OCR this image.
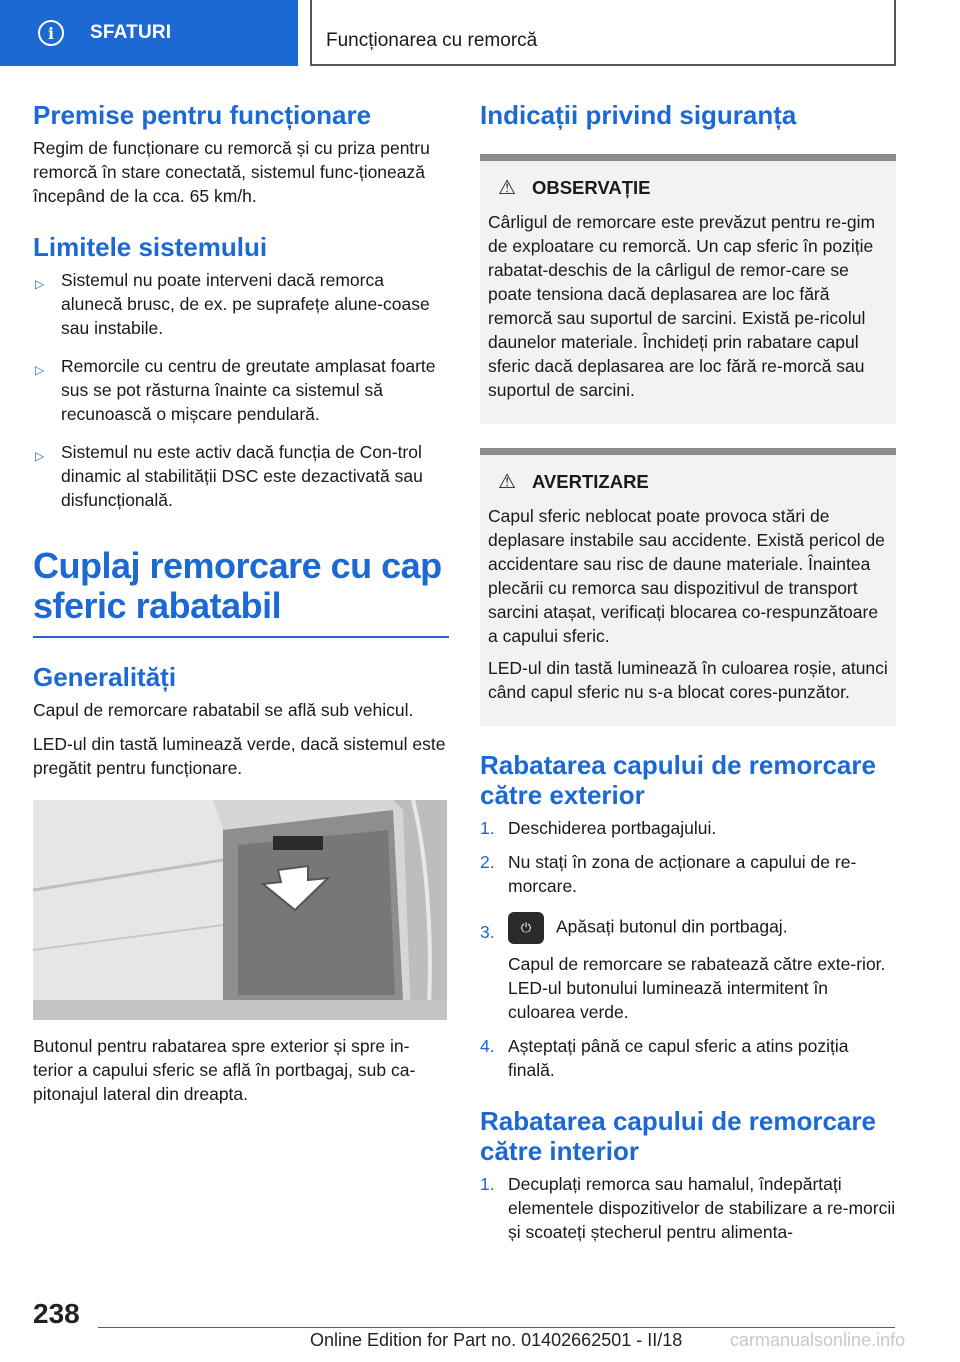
i	SFATURI	Funcționarea cu remorcă
Premise pentru funcționare

Regim de funcționare cu remorcă și cu priza pentru remorcă în stare conectată, sistemul func-ționează începând de la cca. 65 km/h.

Limitele sistemului
▷ Sistemul nu poate interveni dacă remorca alunecă brusc, de ex. pe suprafețe alune-coase sau instabile.
▷ Remorcile cu centru de greutate amplasat foarte sus se pot răsturna înainte ca sistemul să recunoască o mișcare pendulară.
▷ Sistemul nu este activ dacă funcția de Con-trol dinamic al stabilității DSC este dezactivată sau disfuncțională.
Cuplaj remorcare cu cap sferic rabatabil
Generalități

Capul de remorcare rabatabil se află sub vehicul.

LED-ul din tastă luminează verde, dacă sistemul este pregătit pentru funcționare.

Butonul pentru rabatarea spre exterior și spre in-terior a capului sferic se află în portbagaj, sub ca-pitonajul lateral din dreapta.

Indicații privind siguranța
⚠ OBSERVAȚIE

Cârligul de remorcare este prevăzut pentru re-gim de exploatare cu remorcă. Un cap sferic în poziție rabatat-deschis de la cârligul de remor-care se poate tensiona dacă deplasarea are loc fără remorcă sau suportul de sarcini. Există pe-ricolul daunelor materiale. Închideți prin rabatare capul sferic dacă deplasarea are loc fără re-morcă sau suportul de sarcini.

⚠ AVERTIZARE

Capul sferic neblocat poate provoca stări de deplasare instabile sau accidente. Există pericol de accidentare sau risc de daune materiale. Înaintea plecării cu remorca sau dispozitivul de transport sarcini atașat, verificați blocarea co-respunzătoare a capului sferic.

LED-ul din tastă luminează în culoarea roșie, atunci când capul sferic nu s-a blocat cores-punzător.

Rabatarea capului de remorcare către exterior
1. Deschiderea portbagajului.
2. Nu stați în zona de acționare a capului de re-morcare.
3.	⏻ Apăsați butonul din portbagaj.

Capul de remorcare se rabatează către exte-rior. LED-ul butonului luminează intermitent în culoarea verde.

4. Așteptați până ce capul sferic a atins poziția finală.
Rabatarea capului de remorcare către interior
1. Decuplați remorca sau hamalul, îndepărtați elementele dispozitivelor de stabilizare a re-morcii și scoateți ștecherul pentru alimenta-
238
Online Edition for Part no. 01402662501 - II/18	carmanualsonline.info
